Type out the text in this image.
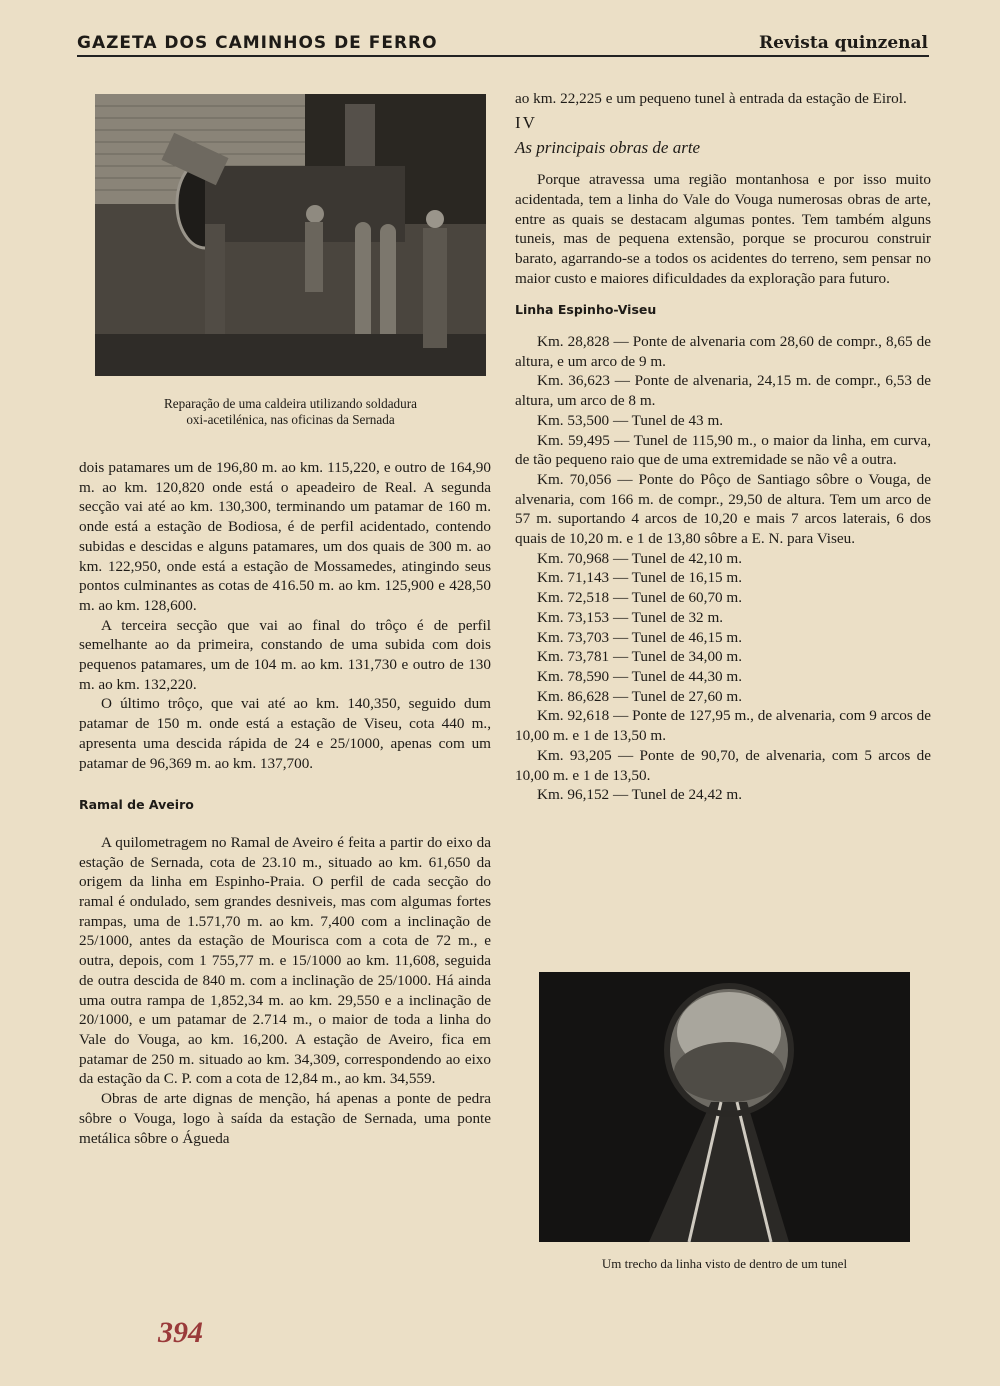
GAZETA DOS CAMINHOS DE FERRO	Revista quinzenal
Reparação de uma caldeira utilizando soldadura
oxi-acetilénica, nas oficinas da Sernada

dois patamares um de 196,80 m. ao km. 115,220, e outro de 164,90 m. ao km. 120,820 onde está o apeadeiro de Real. A segunda secção vai até ao km. 130,300, terminando um patamar de 160 m. onde está a estação de Bodiosa, é de perfil acidentado, contendo subidas e descidas e alguns patamares, um dos quais de 300 m. ao km. 122,950, onde está a estação de Mossamedes, atingindo seus pontos culminantes as cotas de 416.50 m. ao km. 125,900 e 428,50 m. ao km. 128,600.

A terceira secção que vai ao final do trôço é de perfil semelhante ao da primeira, constando de uma subida com dois pequenos patamares, um de 104 m. ao km. 131,730 e outro de 130 m. ao km. 132,220.

O último trôço, que vai até ao km. 140,350, seguido dum patamar de 150 m. onde está a estação de Viseu, cota 440 m., apresenta uma descida rápida de 24 e 25/1000, apenas com um patamar de 96,369 m. ao km. 137,700.

Ramal de Aveiro

A quilometragem no Ramal de Aveiro é feita a partir do eixo da estação de Sernada, cota de 23.10 m., situado ao km. 61,650 da origem da linha em Espinho-Praia. O perfil de cada secção do ramal é ondulado, sem grandes desniveis, mas com algumas fortes rampas, uma de 1.571,70 m. ao km. 7,400 com a inclinação de 25/1000, antes da estação de Mourisca com a cota de 72 m., e outra, depois, com 1 755,77 m. e 15/1000 ao km. 11,608, seguida de outra descida de 840 m. com a inclinação de 25/1000. Há ainda uma outra rampa de 1,852,34 m. ao km. 29,550 e a inclinação de 20/1000, e um patamar de 2.714 m., o maior de toda a linha do Vale do Vouga, ao km. 16,200. A estação de Aveiro, fica em patamar de 250 m. situado ao km. 34,309, correspondendo ao eixo da estação da C. P. com a cota de 12,84 m., ao km. 34,559.

Obras de arte dignas de menção, há apenas a ponte de pedra sôbre o Vouga, logo à saída da estação de Sernada, uma ponte metálica sôbre o Águeda

ao km. 22,225 e um pequeno tunel à entrada da estação de Eirol.

IV

As principais obras de arte

Porque atravessa uma região montanhosa e por isso muito acidentada, tem a linha do Vale do Vouga numerosas obras de arte, entre as quais se destacam algumas pontes. Tem também alguns tuneis, mas de pequena extensão, porque se procurou construir barato, agarrando-se a todos os acidentes do terreno, sem pensar no maior custo e maiores dificuldades da exploração para futuro.

Linha Espinho-Viseu

Km. 28,828 — Ponte de alvenaria com 28,60 de compr., 8,65 de altura, e um arco de 9 m.

Km. 36,623 — Ponte de alvenaria, 24,15 m. de compr., 6,53 de altura, um arco de 8 m.

Km. 53,500 — Tunel de 43 m.

Km. 59,495 — Tunel de 115,90 m., o maior da linha, em curva, de tão pequeno raio que de uma extremidade se não vê a outra.

Km. 70,056 — Ponte do Pôço de Santiago sôbre o Vouga, de alvenaria, com 166 m. de compr., 29,50 de altura. Tem um arco de 57 m. suportando 4 arcos de 10,20 e mais 7 arcos laterais, 6 dos quais de 10,20 m. e 1 de 13,80 sôbre a E. N. para Viseu.

Km. 70,968 — Tunel de 42,10 m.

Km. 71,143 — Tunel de 16,15 m.

Km. 72,518 — Tunel de 60,70 m.

Km. 73,153 — Tunel de 32 m.

Km. 73,703 — Tunel de 46,15 m.

Km. 73,781 — Tunel de 34,00 m.

Km. 78,590 — Tunel de 44,30 m.

Km. 86,628 — Tunel de 27,60 m.

Km. 92,618 — Ponte de 127,95 m., de alvenaria, com 9 arcos de 10,00 m. e 1 de 13,50 m.

Km. 93,205 — Ponte de 90,70, de alvenaria, com 5 arcos de 10,00 m. e 1 de 13,50.

Km. 96,152 — Tunel de 24,42 m.

Um trecho da linha visto de dentro de um tunel
394
